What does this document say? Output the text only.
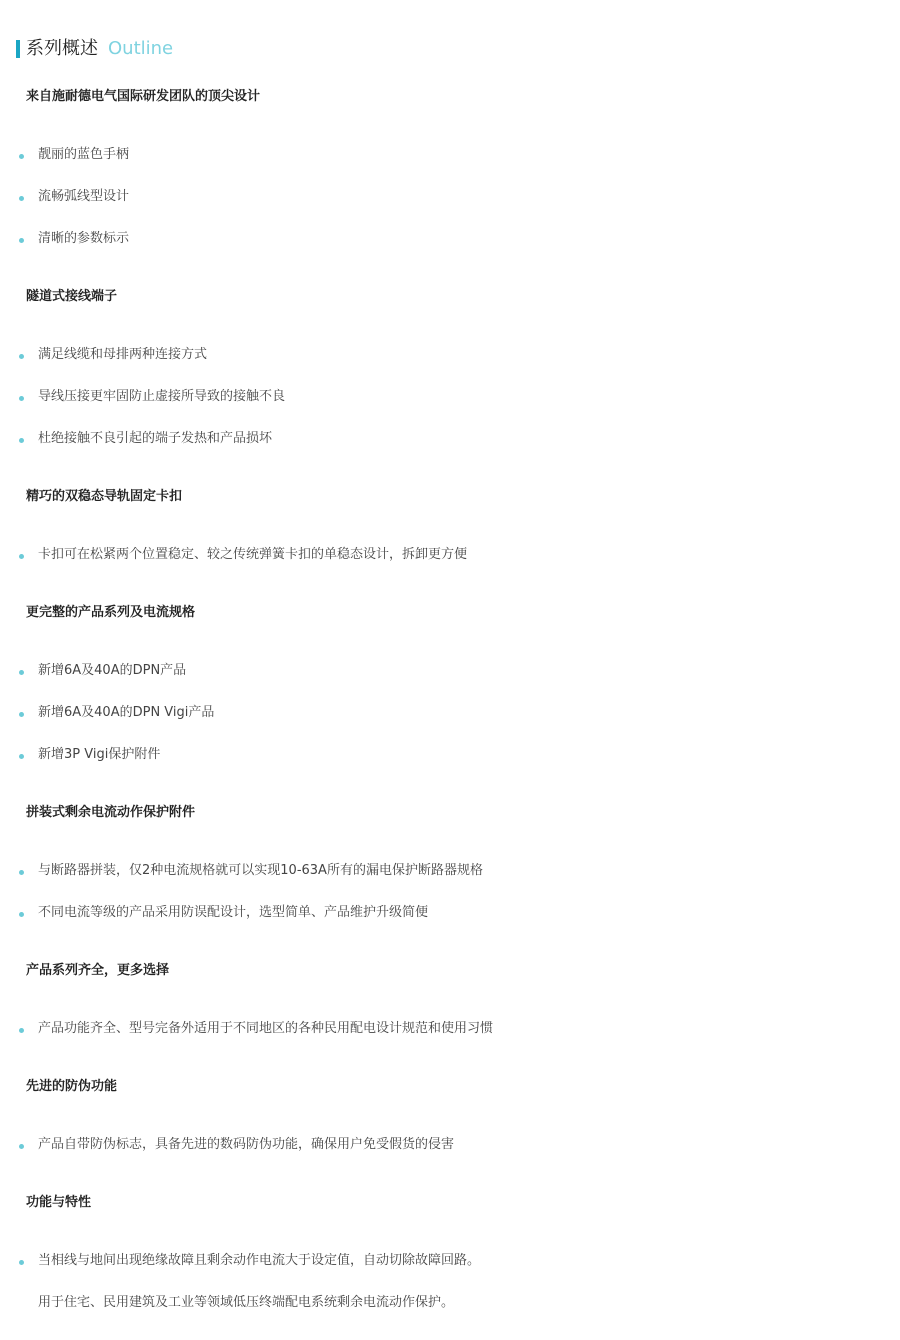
系列概述 Outline
来自施耐德电气国际研发团队的顶尖设计
靓丽的蓝色手柄
流畅弧线型设计
清晰的参数标示
隧道式接线端子
满足线缆和母排两种连接方式
导线压接更牢固防止虚接所导致的接触不良
杜绝接触不良引起的端子发热和产品损坏
精巧的双稳态导轨固定卡扣
卡扣可在松紧两个位置稳定、较之传统弹簧卡扣的单稳态设计，拆卸更方便
更完整的产品系列及电流规格
新增6A及40A的DPN产品
新增6A及40A的DPN Vigi产品
新增3P Vigi保护附件
拼装式剩余电流动作保护附件
与断路器拼装，仅2种电流规格就可以实现10-63A所有的漏电保护断路器规格
不同电流等级的产品采用防误配设计，选型简单、产品维护升级简便
产品系列齐全，更多选择
产品功能齐全、型号完备外适用于不同地区的各种民用配电设计规范和使用习惯
先进的防伪功能
产品自带防伪标志，具备先进的数码防伪功能，确保用户免受假货的侵害
功能与特性
当相线与地间出现绝缘故障且剩余动作电流大于设定值，自动切除故障回路。
用于住宅、民用建筑及工业等领域低压终端配电系统剩余电流动作保护。
